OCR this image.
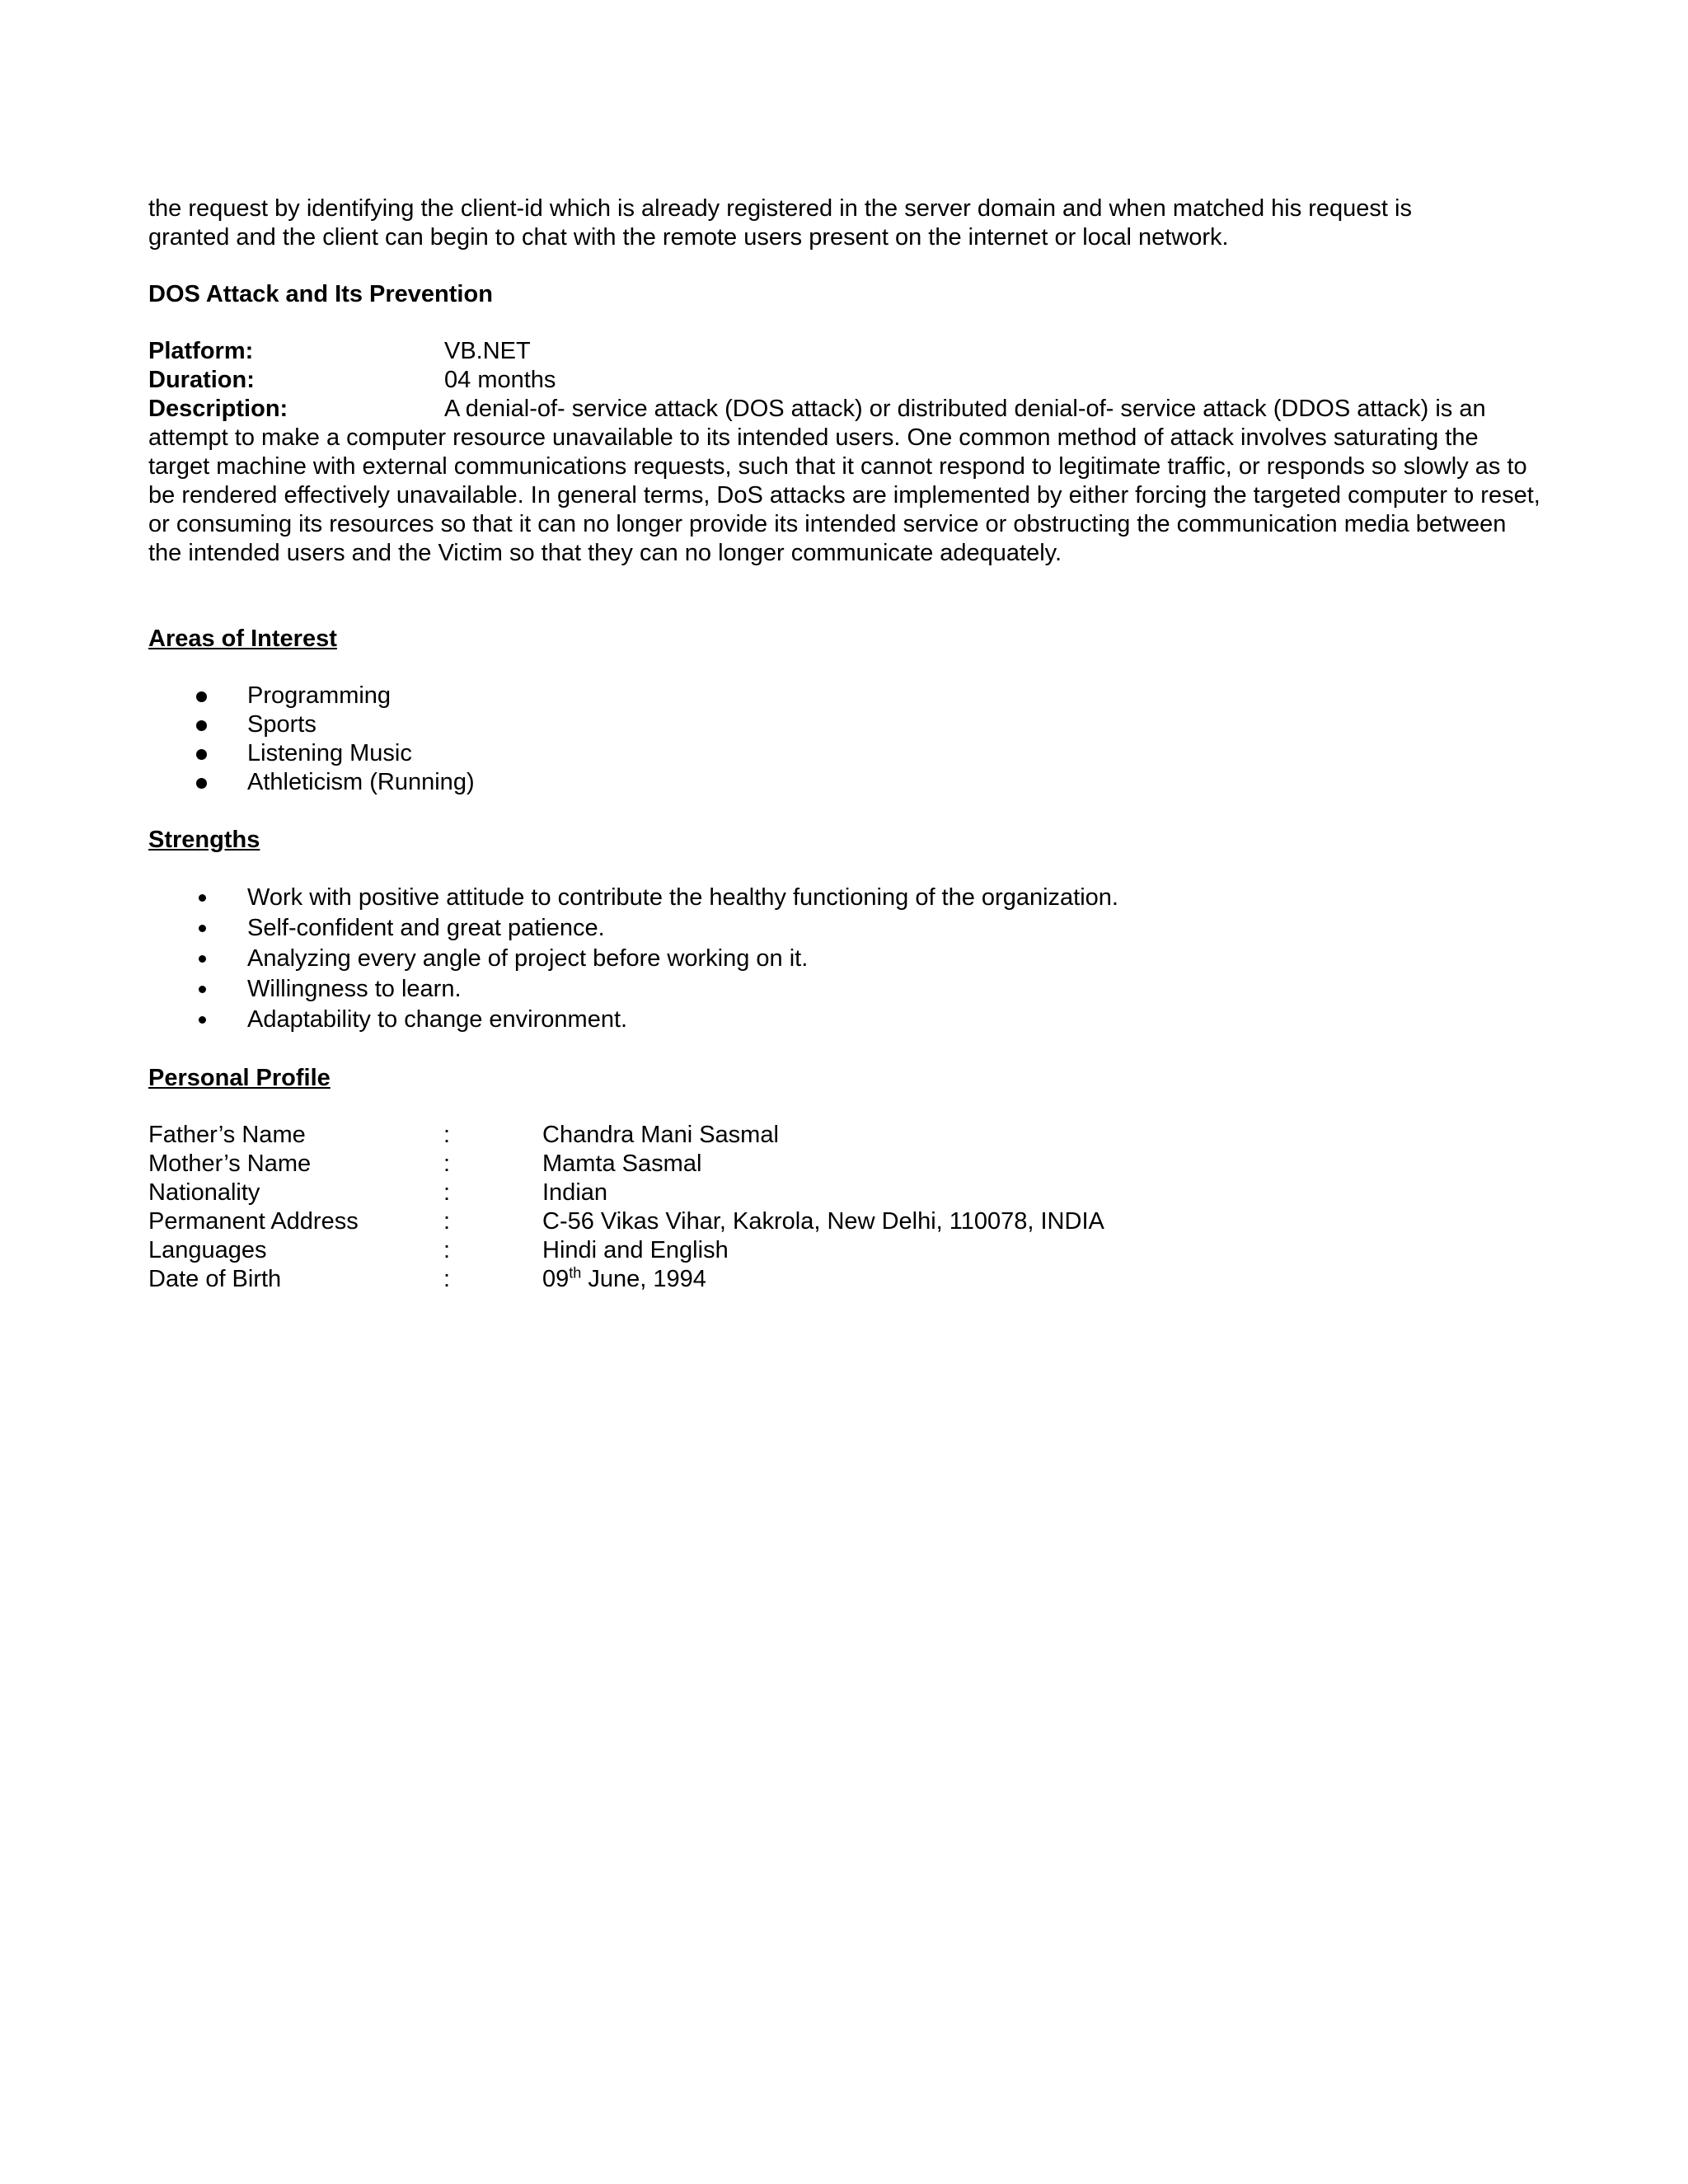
the request by identifying the client-id which is already registered in the server domain and when matched his request is

granted and the client can begin to chat with the remote users present on the internet or local network.

DOS Attack and Its Prevention

Platform:	VB.NET
Duration:	04 months

Description:	A denial-of- service attack (DOS attack) or distributed denial-of- service attack (DDOS attack) is an attempt to make a computer resource unavailable to its intended users. One common method of attack involves saturating the target machine with external communications requests, such that it cannot respond to legitimate traffic, or responds so slowly as to be rendered effectively unavailable. In general terms, DoS attacks are implemented by either forcing the targeted computer to reset, or consuming its resources so that it can no longer provide its intended service or obstructing the communication media between the intended users and the Victim so that they can no longer communicate adequately.

Areas of Interest

Programming
Sports
Listening Music
Athleticism (Running)

Strengths

Work with positive attitude to contribute the healthy functioning of the organization.
Self-confident and great patience.
Analyzing every angle of project before working on it.
Willingness to learn.
Adaptability to change environment.

Personal Profile

Father’s Name	:	Chandra Mani Sasmal
Mother’s Name	:	Mamta Sasmal
Nationality	:	Indian
Permanent Address	:	C-56 Vikas Vihar, Kakrola, New Delhi, 110078, INDIA
Languages	:	Hindi and English
Date of Birth	:	09th June, 1994
